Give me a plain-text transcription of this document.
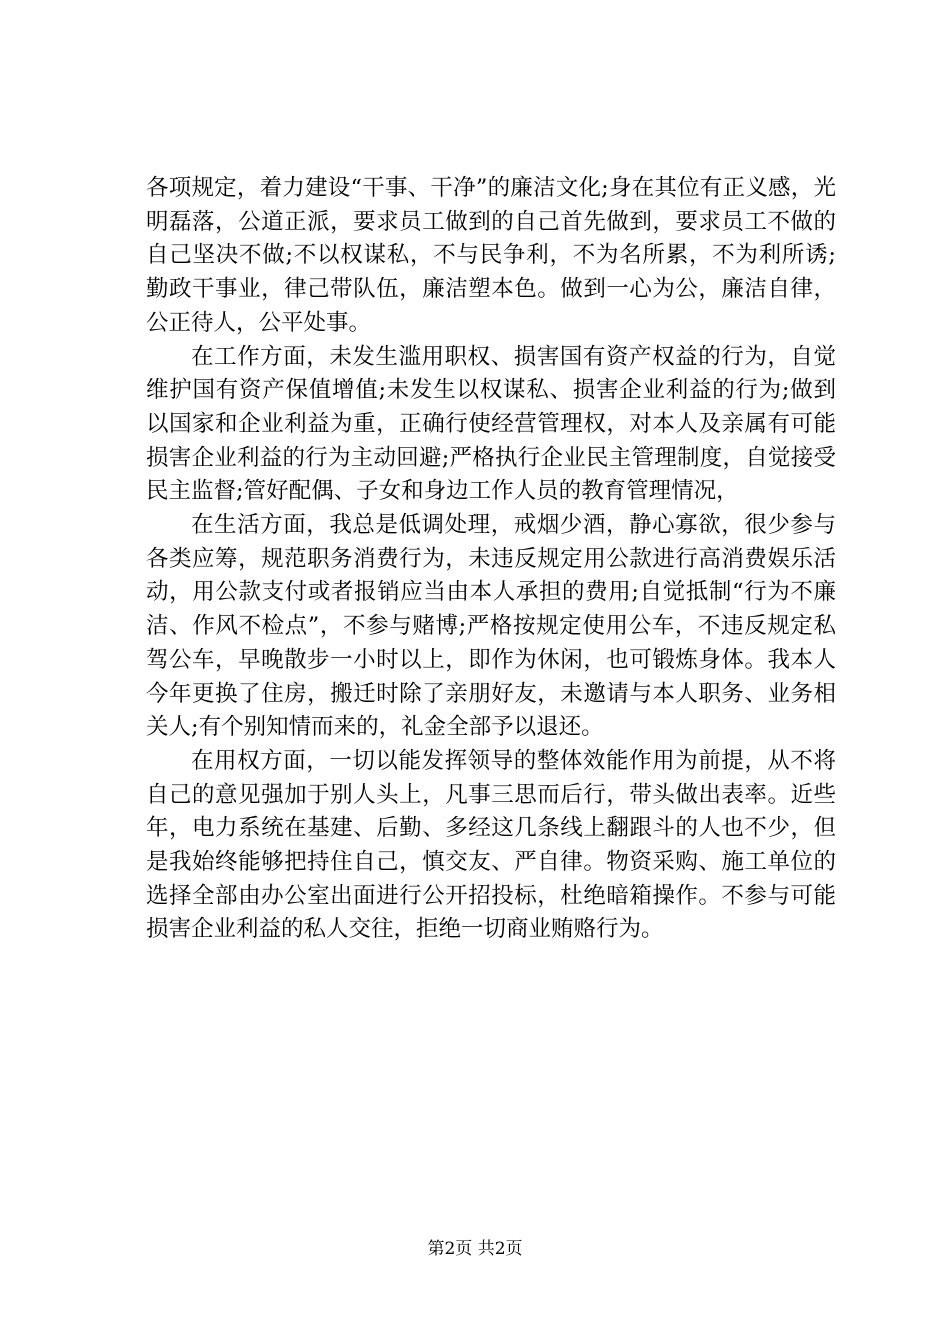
各项规定，着力建设“干事、干净”的廉洁文化;身在其位有正义感，光明磊落，公道正派，要求员工做到的自己首先做到，要求员工不做的自己坚决不做;不以权谋私，不与民争利，不为名所累，不为利所诱;勤政干事业，律己带队伍，廉洁塑本色。做到一心为公，廉洁自律，公正待人，公平处事。

在工作方面，未发生滥用职权、损害国有资产权益的行为，自觉维护国有资产保值增值;未发生以权谋私、损害企业利益的行为;做到以国家和企业利益为重，正确行使经营管理权，对本人及亲属有可能损害企业利益的行为主动回避;严格执行企业民主管理制度，自觉接受民主监督;管好配偶、子女和身边工作人员的教育管理情况，

在生活方面，我总是低调处理，戒烟少酒，静心寡欲，很少参与各类应筹，规范职务消费行为，未违反规定用公款进行高消费娱乐活动，用公款支付或者报销应当由本人承担的费用;自觉抵制“行为不廉洁、作风不检点”，不参与赌博;严格按规定使用公车，不违反规定私驾公车，早晚散步一小时以上，即作为休闲，也可锻炼身体。我本人今年更换了住房，搬迁时除了亲朋好友，未邀请与本人职务、业务相关人;有个别知情而来的，礼金全部予以退还。

在用权方面，一切以能发挥领导的整体效能作用为前提，从不将自己的意见强加于别人头上，凡事三思而后行，带头做出表率。近些年，电力系统在基建、后勤、多经这几条线上翻跟斗的人也不少，但是我始终能够把持住自己，慎交友、严自律。物资采购、施工单位的选择全部由办公室出面进行公开招投标，杜绝暗箱操作。不参与可能损害企业利益的私人交往，拒绝一切商业贿赂行为。

第2页 共2页
